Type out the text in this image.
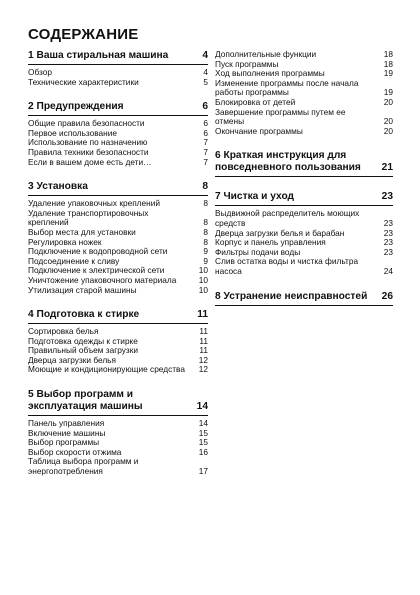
СОДЕРЖАНИЕ
1 Ваша стиральная машина	4
Обзор	4
Технические характеристики	5
2 Предупреждения	6
Общие правила безопасности	6
Первое использование	6
Использование по назначению	7
Правила техники безопасности	7
Если в вашем доме есть дети…	7
3 Установка	8
Удаление упаковочных креплений	8
Удаление транспортировочных креплений	8
Выбор места для установки	8
Регулировка ножек	8
Подключение к водопроводной сети	9
Подсоединение к сливу	9
Подключение к электрической сети	10
Уничтожение упаковочного материала	10
Утилизация старой машины	10
4 Подготовка к стирке	11
Сортировка белья	11
Подготовка одежды к стирке	11
Правильный объем загрузки	11
Дверца загрузки белья	12
Моющие и кондиционирующие средства	12
5 Выбор программ и эксплуатация машины	14
Панель управления	14
Включение машины	15
Выбор программы	15
Выбор скорости отжима	16
Таблица выбора программ и энергопотребления	17
Дополнительные функции	18
Пуск программы	18
Ход выполнения программы	19
Изменение программы после начала работы программы	19
Блокировка от детей	20
Завершение программы путем ее отмены	20
Окончание программы	20
6 Краткая инструкция для повседневного пользования	21
7 Чистка и уход	23
Выдвижной распределитель моющих средств	23
Дверца загрузки белья и барабан	23
Корпус и панель управления	23
Фильтры подачи воды	23
Слив остатка воды и чистка фильтра насоса	24
8 Устранение неисправностей	26
